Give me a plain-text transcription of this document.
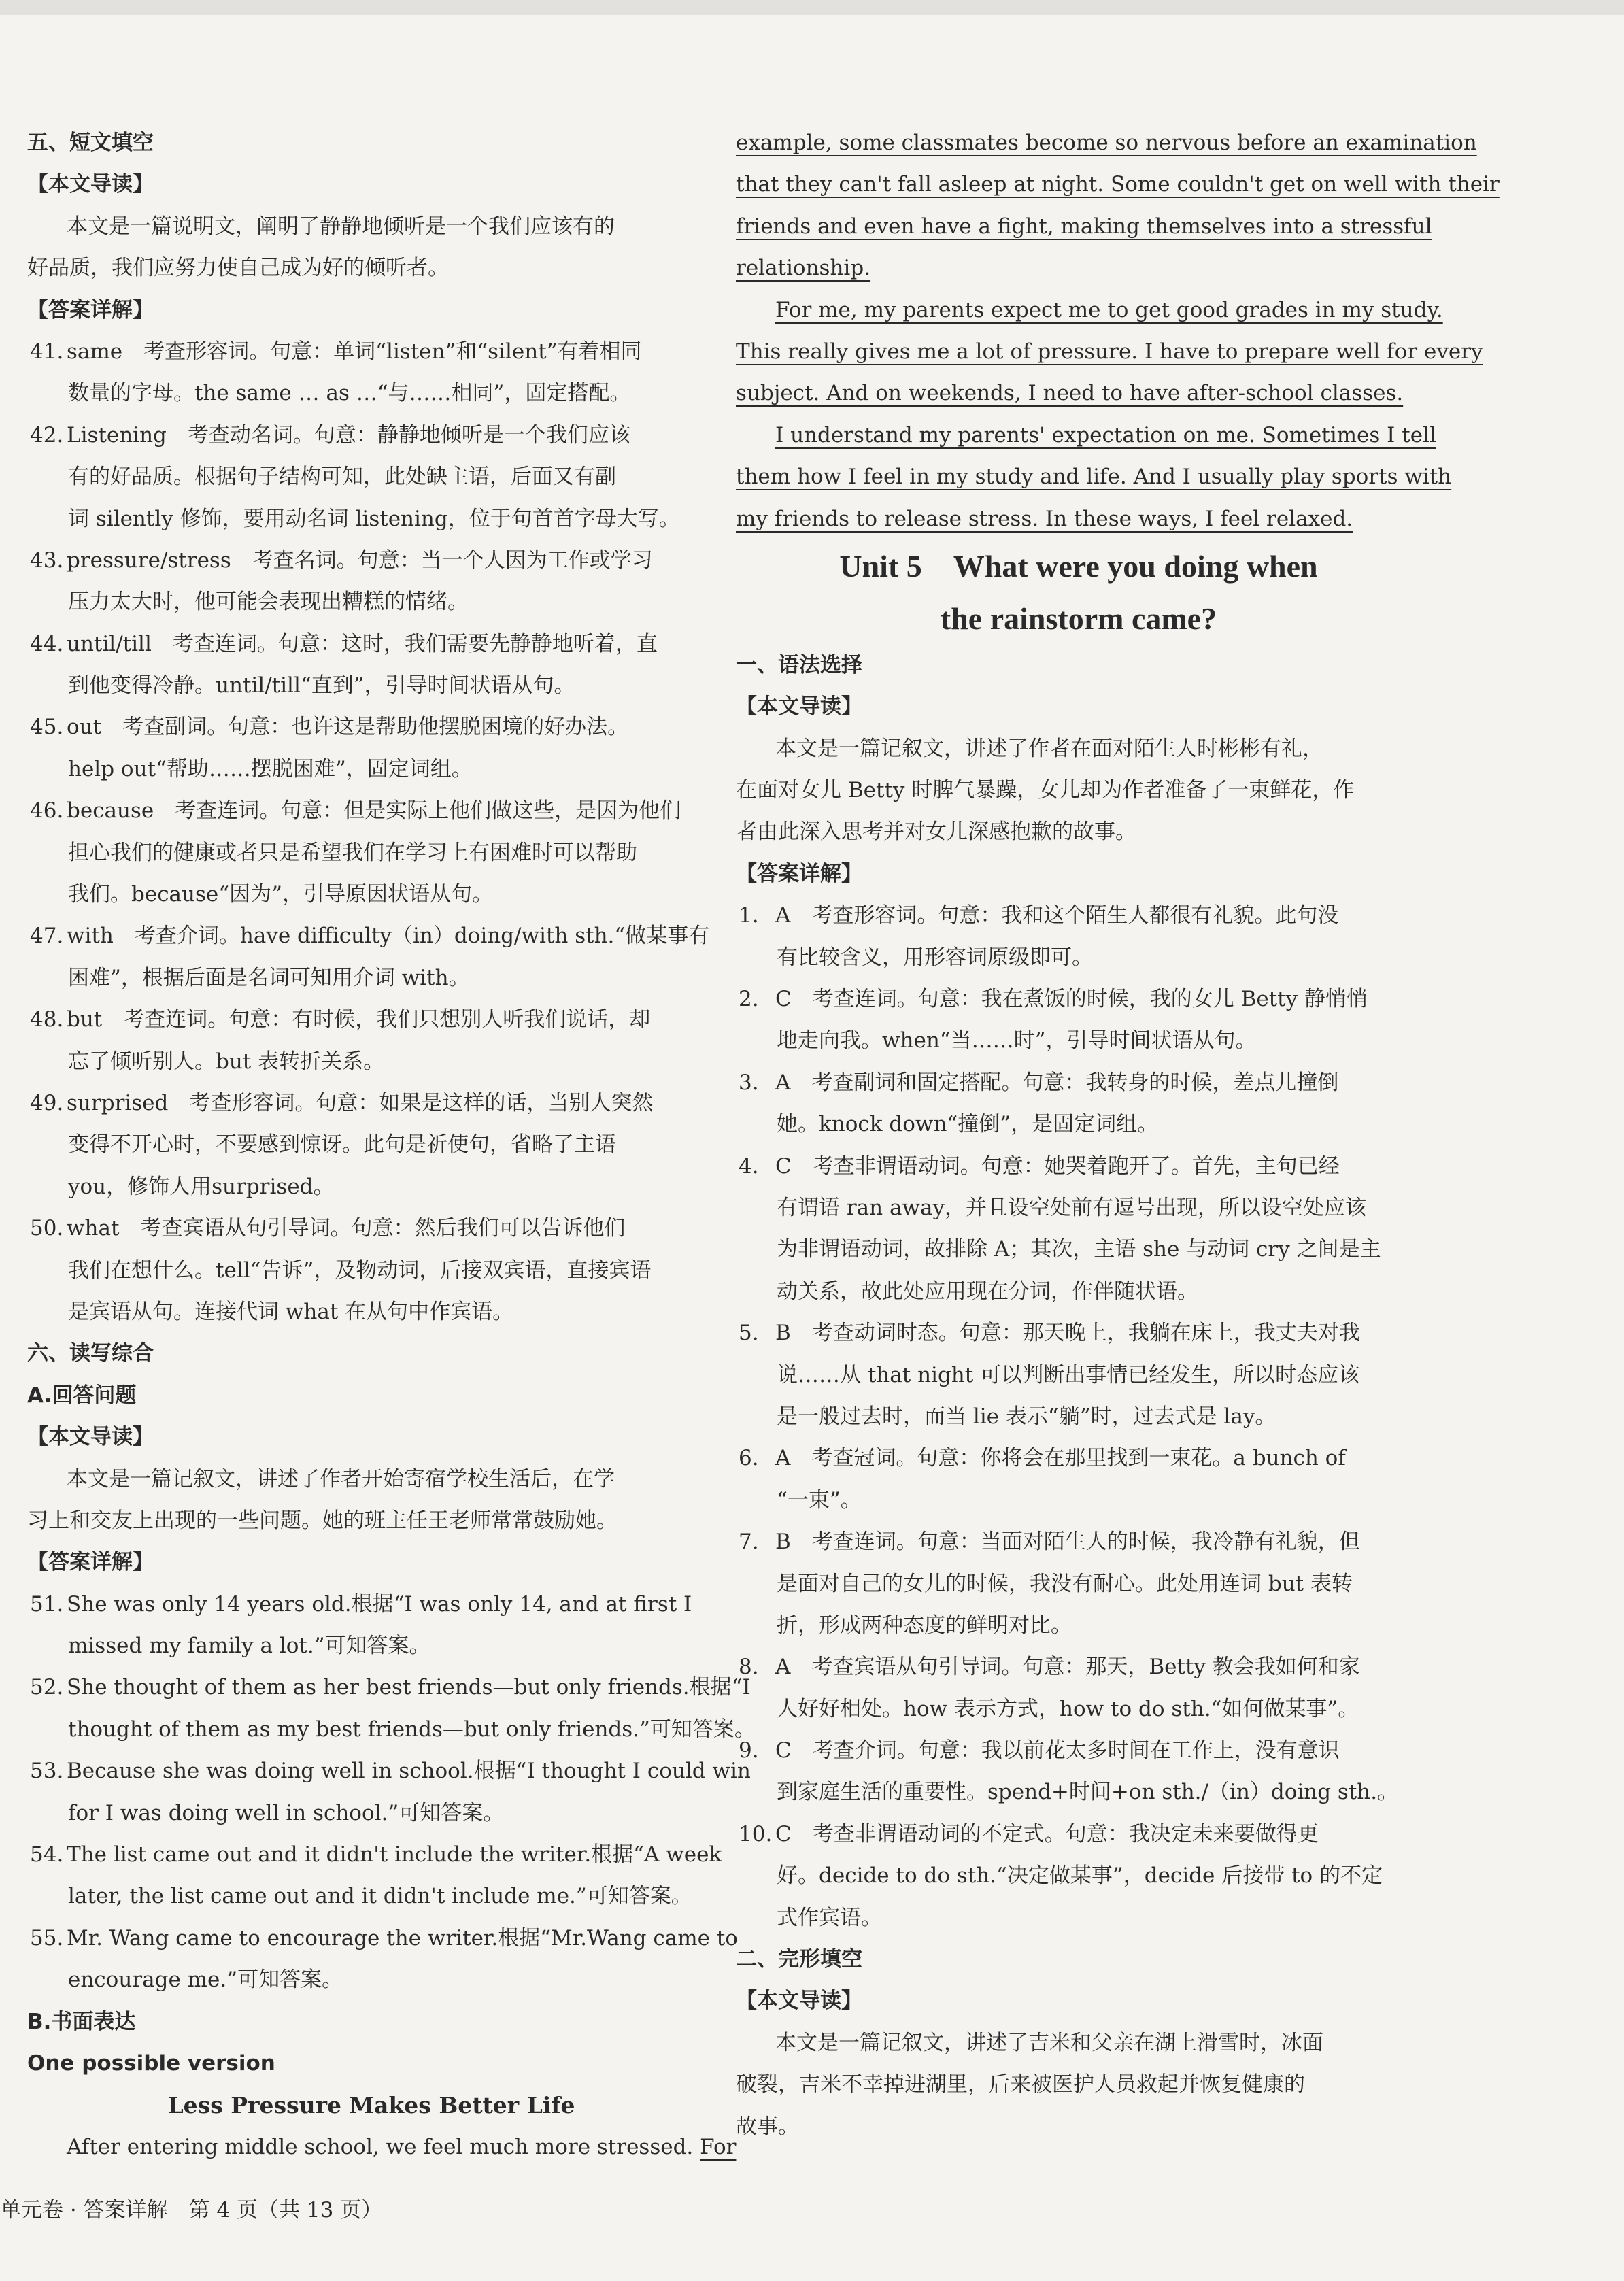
五、短文填空
【本文导读】
本文是一篇说明文，阐明了静静地倾听是一个我们应该有的
好品质，我们应努力使自己成为好的倾听者。
【答案详解】
41. same　考查形容词。句意：单词“listen”和“silent”有着相同
数量的字母。the same … as …“与……相同”，固定搭配。
42. Listening　考查动名词。句意：静静地倾听是一个我们应该
有的好品质。根据句子结构可知，此处缺主语，后面又有副
词 silently 修饰，要用动名词 listening，位于句首首字母大写。
43. pressure/stress　考查名词。句意：当一个人因为工作或学习
压力太大时，他可能会表现出糟糕的情绪。
44. until/till　考查连词。句意：这时，我们需要先静静地听着，直
到他变得冷静。until/till“直到”，引导时间状语从句。
45. out　考查副词。句意：也许这是帮助他摆脱困境的好办法。
help out“帮助……摆脱困难”，固定词组。
46. because　考查连词。句意：但是实际上他们做这些，是因为他们
担心我们的健康或者只是希望我们在学习上有困难时可以帮助
我们。because“因为”，引导原因状语从句。
47. with　考查介词。have difficulty（in）doing/with sth.“做某事有
困难”，根据后面是名词可知用介词 with。
48. but　考查连词。句意：有时候，我们只想别人听我们说话，却
忘了倾听别人。but 表转折关系。
49. surprised　考查形容词。句意：如果是这样的话，当别人突然
变得不开心时，不要感到惊讶。此句是祈使句，省略了主语
you，修饰人用surprised。
50. what　考查宾语从句引导词。句意：然后我们可以告诉他们
我们在想什么。tell“告诉”，及物动词，后接双宾语，直接宾语
是宾语从句。连接代词 what 在从句中作宾语。
六、读写综合
A.回答问题
【本文导读】
本文是一篇记叙文，讲述了作者开始寄宿学校生活后，在学
习上和交友上出现的一些问题。她的班主任王老师常常鼓励她。
【答案详解】
51. She was only 14 years old.根据“I was only 14, and at first I
missed my family a lot.”可知答案。
52. She thought of them as her best friends—but only friends.根据“I
thought of them as my best friends—but only friends.”可知答案。
53. Because she was doing well in school.根据“I thought I could win
for I was doing well in school.”可知答案。
54. The list came out and it didn't include the writer.根据“A week
later, the list came out and it didn't include me.”可知答案。
55. Mr. Wang came to encourage the writer.根据“Mr.Wang came to
encourage me.”可知答案。
B.书面表达
One possible version
Less Pressure Makes Better Life
After entering middle school, we feel much more stressed. For
example, some classmates become so nervous before an examination
that they can't fall asleep at night. Some couldn't get on well with their
friends and even have a fight, making themselves into a stressful
relationship.
For me, my parents expect me to get good grades in my study.
This really gives me a lot of pressure. I have to prepare well for every
subject. And on weekends, I need to have after-school classes.
I understand my parents' expectation on me. Sometimes I tell
them how I feel in my study and life. And I usually play sports with
my friends to release stress. In these ways, I feel relaxed.
Unit 5　What were you doing when
the rainstorm came?
一、语法选择
【本文导读】
本文是一篇记叙文，讲述了作者在面对陌生人时彬彬有礼，
在面对女儿 Betty 时脾气暴躁，女儿却为作者准备了一束鲜花，作
者由此深入思考并对女儿深感抱歉的故事。
【答案详解】
1. A　考查形容词。句意：我和这个陌生人都很有礼貌。此句没
有比较含义，用形容词原级即可。
2. C　考查连词。句意：我在煮饭的时候，我的女儿 Betty 静悄悄
地走向我。when“当……时”，引导时间状语从句。
3. A　考查副词和固定搭配。句意：我转身的时候，差点儿撞倒
她。knock down“撞倒”，是固定词组。
4. C　考查非谓语动词。句意：她哭着跑开了。首先，主句已经
有谓语 ran away，并且设空处前有逗号出现，所以设空处应该
为非谓语动词，故排除 A；其次，主语 she 与动词 cry 之间是主
动关系，故此处应用现在分词，作伴随状语。
5. B　考查动词时态。句意：那天晚上，我躺在床上，我丈夫对我
说……从 that night 可以判断出事情已经发生，所以时态应该
是一般过去时，而当 lie 表示“躺”时，过去式是 lay。
6. A　考查冠词。句意：你将会在那里找到一束花。a bunch of
“一束”。
7. B　考查连词。句意：当面对陌生人的时候，我冷静有礼貌，但
是面对自己的女儿的时候，我没有耐心。此处用连词 but 表转
折，形成两种态度的鲜明对比。
8. A　考查宾语从句引导词。句意：那天，Betty 教会我如何和家
人好好相处。how 表示方式，how to do sth.“如何做某事”。
9. C　考查介词。句意：我以前花太多时间在工作上，没有意识
到家庭生活的重要性。spend+时间+on sth./（in）doing sth.。
10. C　考查非谓语动词的不定式。句意：我决定未来要做得更
好。decide to do sth.“决定做某事”，decide 后接带 to 的不定
式作宾语。
二、完形填空
【本文导读】
本文是一篇记叙文，讲述了吉米和父亲在湖上滑雪时，冰面
破裂，吉米不幸掉进湖里，后来被医护人员救起并恢复健康的
故事。
单元卷 · 答案详解　第 4 页（共 13 页）
